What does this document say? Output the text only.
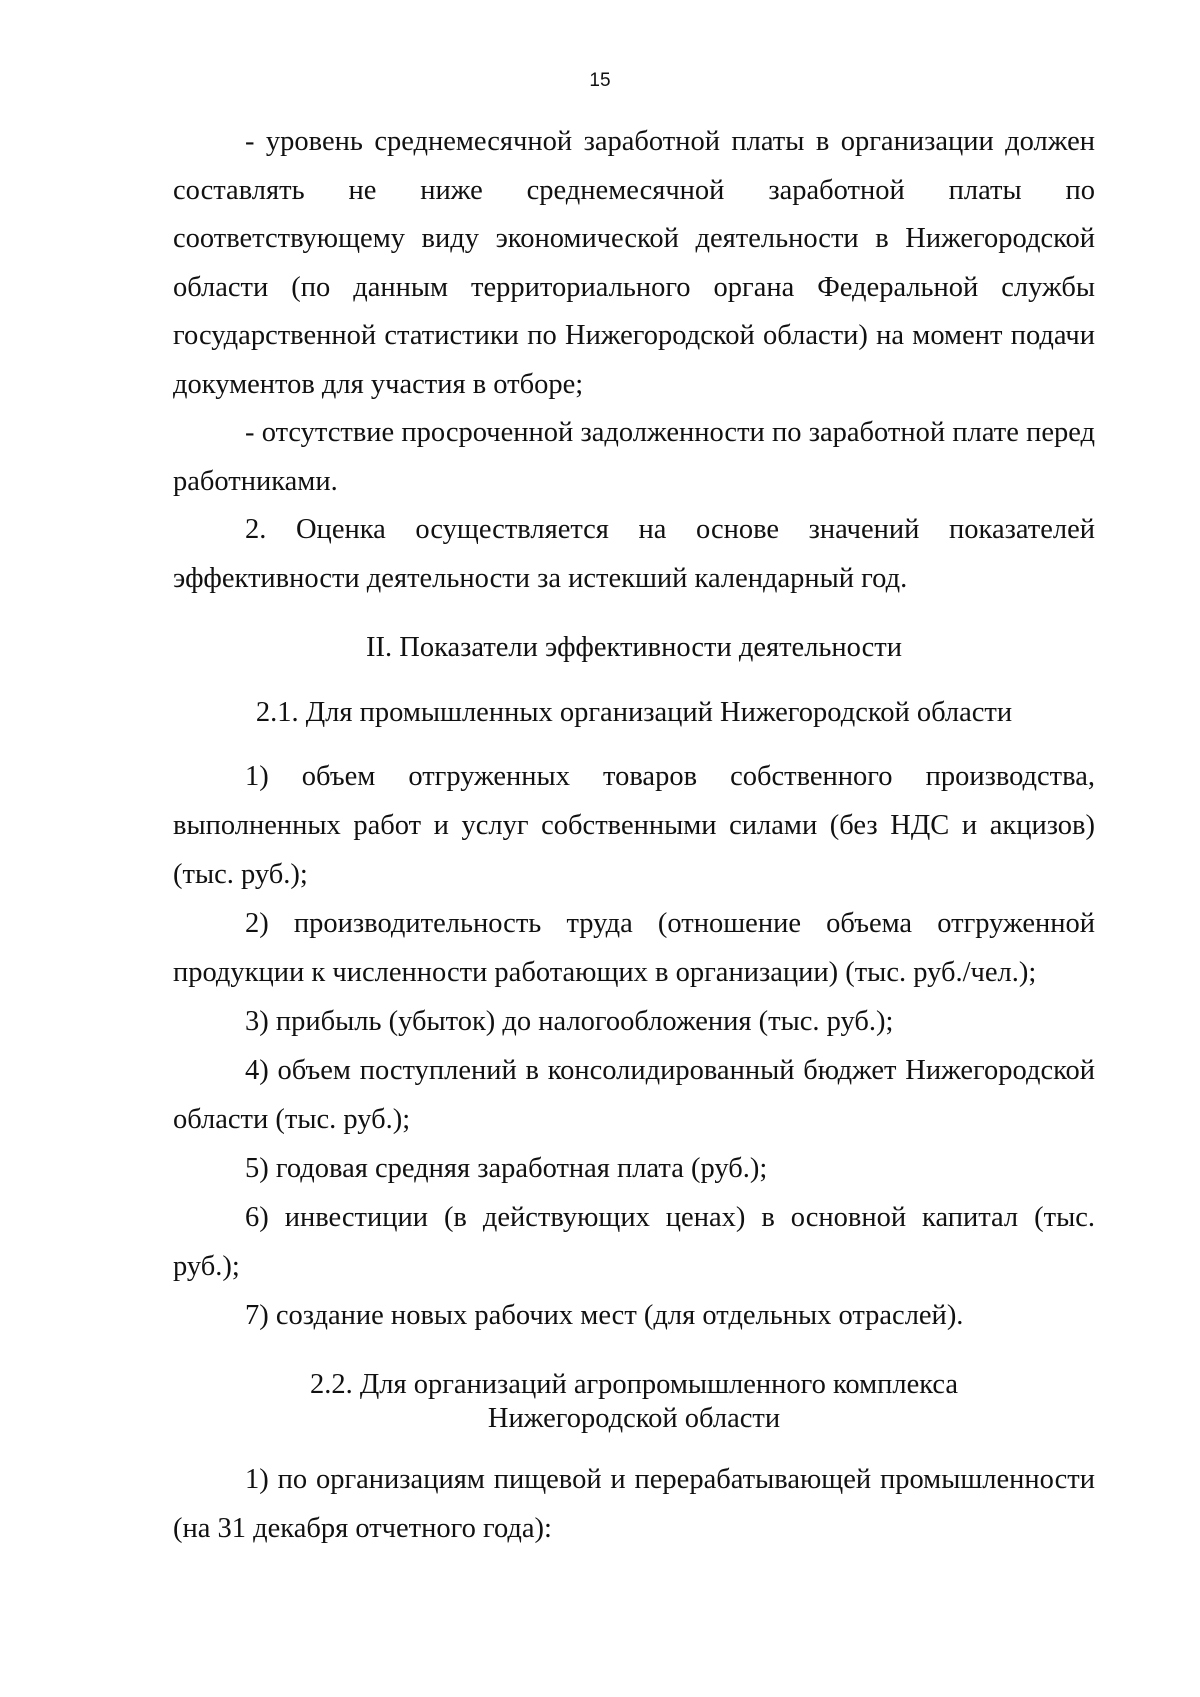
15

- уровень среднемесячной заработной платы в организации должен составлять не ниже среднемесячной заработной платы по соответствующему виду экономической деятельности в Нижегородской области (по данным территориального органа Федеральной службы государственной статистики по Нижегородской области) на момент подачи документов для участия в отборе;

- отсутствие просроченной задолженности по заработной плате перед работниками.

2. Оценка осуществляется на основе значений показателей эффективности деятельности за истекший календарный год.

II. Показатели эффективности деятельности

2.1. Для промышленных организаций Нижегородской области

1) объем отгруженных товаров собственного производства, выполненных работ и услуг собственными силами (без НДС и акцизов) (тыс. руб.);

2) производительность труда (отношение объема отгруженной продукции к численности работающих в организации) (тыс. руб./чел.);

3) прибыль (убыток) до налогообложения (тыс. руб.);

4) объем поступлений в консолидированный бюджет Нижегородской области (тыс. руб.);

5) годовая средняя заработная плата (руб.);

6) инвестиции (в действующих ценах) в основной капитал (тыс. руб.);

7) создание новых рабочих мест (для отдельных отраслей).

2.2. Для организаций агропромышленного комплекса

Нижегородской области

1) по организациям пищевой и перерабатывающей промышленности (на 31 декабря отчетного года):
